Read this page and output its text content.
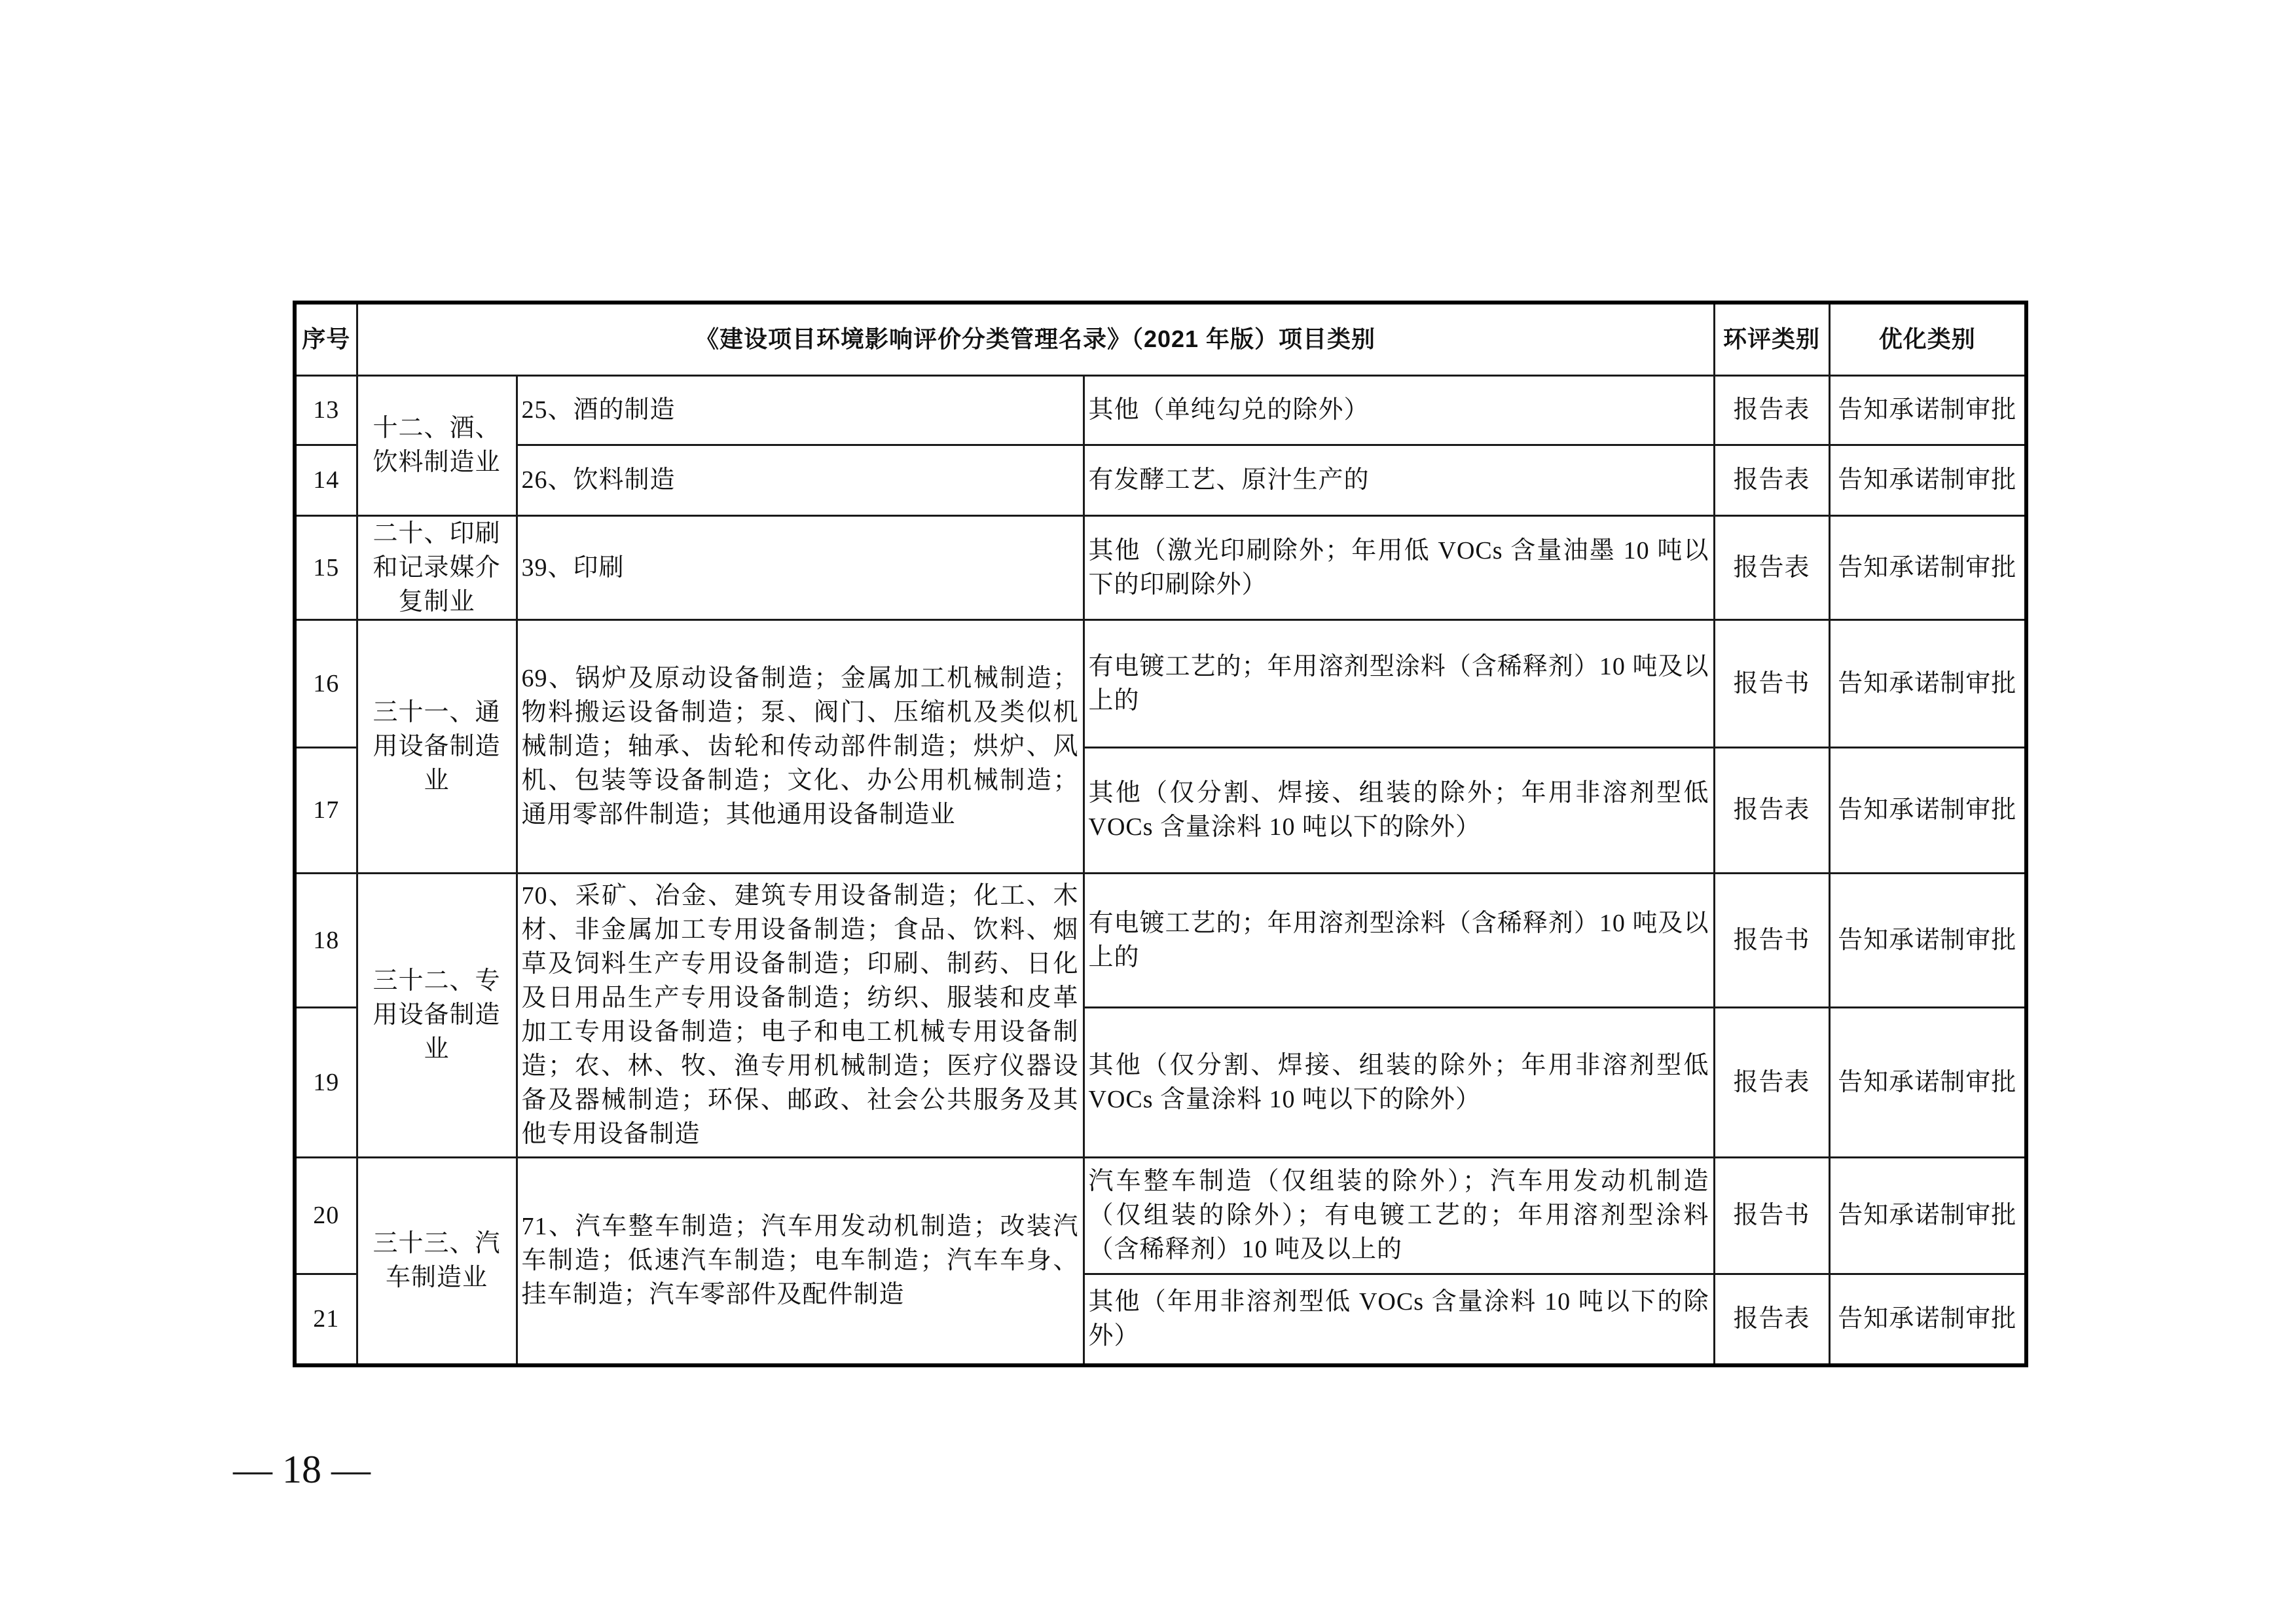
序号	《建设项目环境影响评价分类管理名录》（2021 年版）项目类别			环评类别	优化类别
13	十二、酒、饮料制造业	25、酒的制造	其他（单纯勾兑的除外）	报告表	告知承诺制审批
14		26、饮料制造	有发酵工艺、原汁生产的	报告表	告知承诺制审批
15	二十、印刷和记录媒介复制业	39、印刷	其他（激光印刷除外；年用低 VOCs 含量油墨 10 吨以下的印刷除外）	报告表	告知承诺制审批
16	三十一、通用设备制造业	69、锅炉及原动设备制造；金属加工机械制造；物料搬运设备制造；泵、阀门、压缩机及类似机械制造；轴承、齿轮和传动部件制造；烘炉、风机、包装等设备制造；文化、办公用机械制造；通用零部件制造；其他通用设备制造业	有电镀工艺的；年用溶剂型涂料（含稀释剂）10 吨及以上的	报告书	告知承诺制审批
17			其他（仅分割、焊接、组装的除外；年用非溶剂型低 VOCs 含量涂料 10 吨以下的除外）	报告表	告知承诺制审批
18	三十二、专用设备制造业	70、采矿、冶金、建筑专用设备制造；化工、木材、非金属加工专用设备制造；食品、饮料、烟草及饲料生产专用设备制造；印刷、制药、日化及日用品生产专用设备制造；纺织、服装和皮革加工专用设备制造；电子和电工机械专用设备制造；农、林、牧、渔专用机械制造；医疗仪器设备及器械制造；环保、邮政、社会公共服务及其他专用设备制造	有电镀工艺的；年用溶剂型涂料（含稀释剂）10 吨及以上的	报告书	告知承诺制审批
19			其他（仅分割、焊接、组装的除外；年用非溶剂型低 VOCs 含量涂料 10 吨以下的除外）	报告表	告知承诺制审批
20	三十三、汽车制造业	71、汽车整车制造；汽车用发动机制造；改装汽车制造；低速汽车制造；电车制造；汽车车身、挂车制造；汽车零部件及配件制造	汽车整车制造（仅组装的除外）；汽车用发动机制造（仅组装的除外）；有电镀工艺的；年用溶剂型涂料（含稀释剂）10 吨及以上的	报告书	告知承诺制审批
21			其他（年用非溶剂型低 VOCs 含量涂料 10 吨以下的除外）	报告表	告知承诺制审批
— 18 —
